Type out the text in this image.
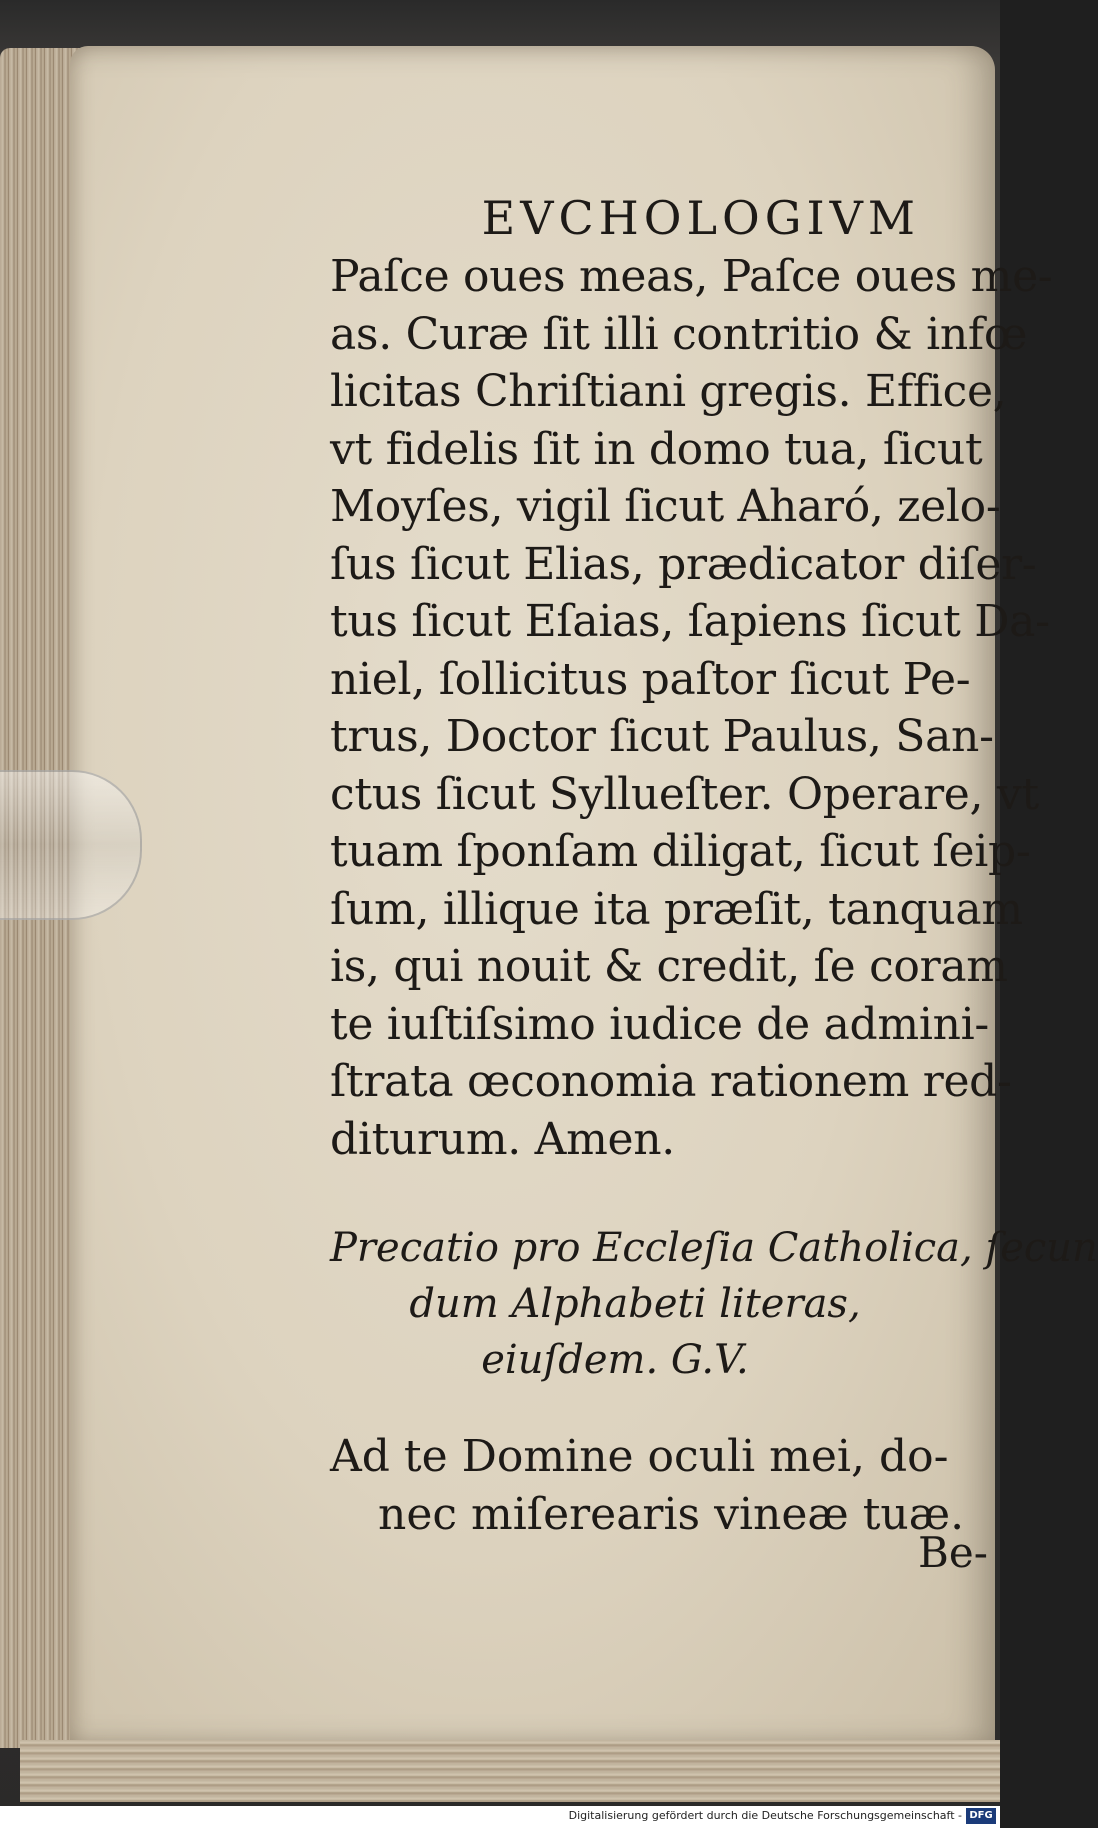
EVCHOLOGIVM
Paſce oues meas, Paſce oues me-
as. Curæ ſit illi contritio & infœ
licitas Chriſtiani gregis. Effice,
vt fidelis ſit in domo tua, ſicut
Moyſes, vigil ſicut Aharó, zelo-
ſus ſicut Elias, prædicator diſer-
tus ſicut Eſaias, ſapiens ſicut Da-
niel, ſollicitus paſtor ſicut Pe-
trus, Doctor ſicut Paulus, San-
ctus ſicut Syllueſter. Operare, vt
tuam ſponſam diligat, ſicut ſeip-
ſum, illique ita præſit, tanquam
is, qui nouit & credit, ſe coram
te iuſtiſsimo iudice de admini-
ſtrata œconomia rationem red-
diturum. Amen.
Precatio pro Eccleſia Catholica, ſecun
dum Alphabeti literas,
eiuſdem. G.V.
Ad te Domine oculi mei, do-
nec miſerearis vineæ tuæ.
Be-
Digitalisierung gefördert durch die Deutsche Forschungsgemeinschaft - DFG
